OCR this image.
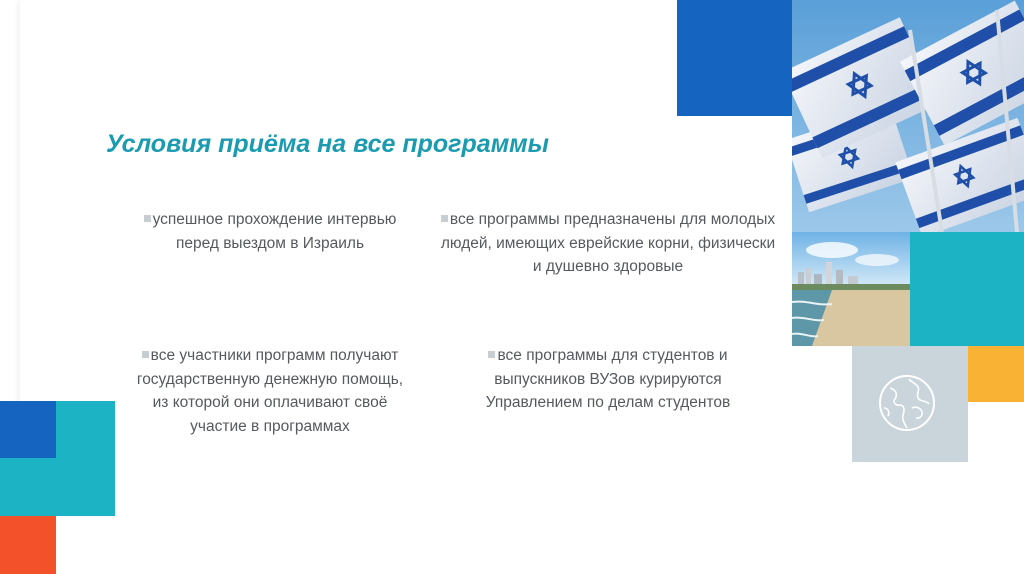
Условия приёма на все программы
успешное прохождение интервью перед выездом в Израиль
все программы предназначены для молодых людей, имеющих еврейские корни, физически и душевно здоровые
все участники программ получают государственную денежную помощь, из которой они оплачивают своё участие в программах
все программы для студентов и выпускников ВУЗов курируются Управлением по делам студентов
